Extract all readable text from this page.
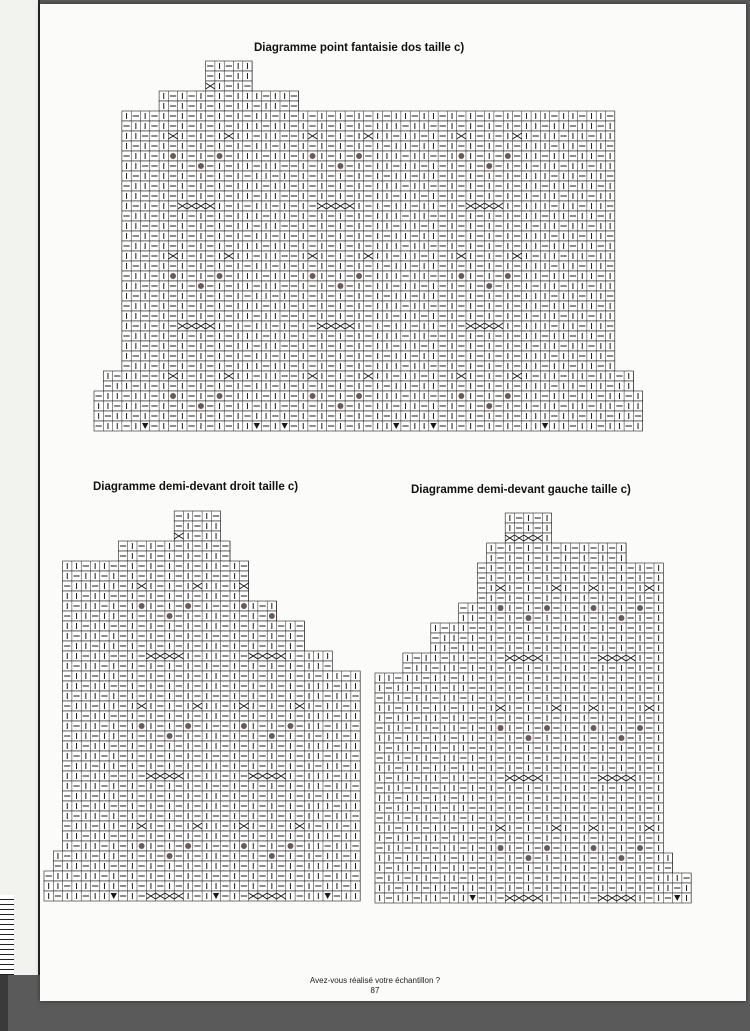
Diagramme point fantaisie dos taille c)
Diagramme demi-devant droit taille c)	Diagramme demi-devant gauche taille c)
Avez-vous réalisé votre échantillon ?
87
